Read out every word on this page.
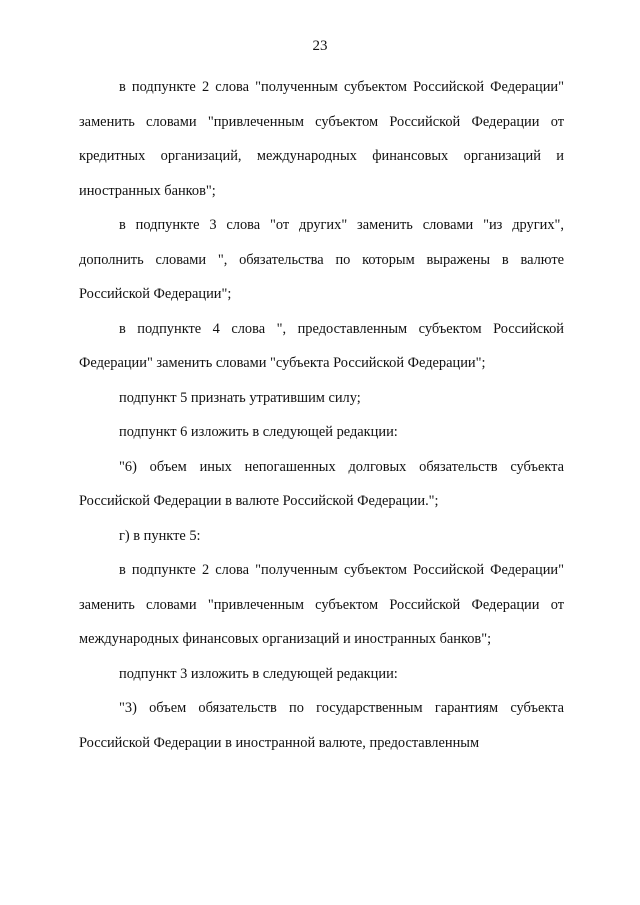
23

в подпункте 2 слова "полученным субъектом Российской Федерации" заменить словами "привлеченным субъектом Российской Федерации от кредитных организаций, международных финансовых организаций и иностранных банков";

в подпункте 3 слова "от других" заменить словами "из других", дополнить словами ", обязательства по которым выражены в валюте Российской Федерации";

в подпункте 4 слова ", предоставленным субъектом Российской Федерации" заменить словами "субъекта Российской Федерации";

подпункт 5 признать утратившим силу;

подпункт 6 изложить в следующей редакции:

"6) объем иных непогашенных долговых обязательств субъекта Российской Федерации в валюте Российской Федерации.";

г) в пункте 5:

в подпункте 2 слова "полученным субъектом Российской Федерации" заменить словами "привлеченным субъектом Российской Федерации от международных финансовых организаций и иностранных банков";

подпункт 3 изложить в следующей редакции:

"3) объем обязательств по государственным гарантиям субъекта Российской Федерации в иностранной валюте, предоставленным
